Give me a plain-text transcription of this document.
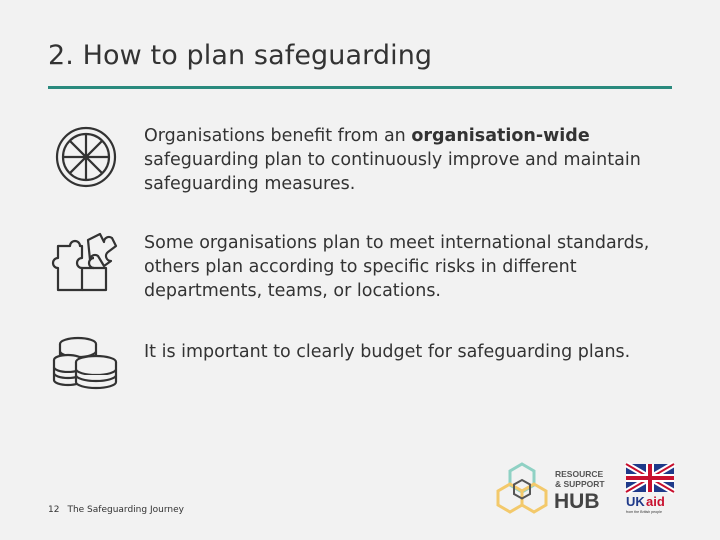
2. How to plan safeguarding
Organisations benefit from an organisation-wide safeguarding plan to continuously improve and maintain safeguarding measures.
Some organisations plan to meet international standards, others plan according to specific risks in different departments, teams, or locations.
It is important to clearly budget for safeguarding plans.
12 The Safeguarding Journey
RESOURCE
& SUPPORT
HUB UK aid
from the British people
